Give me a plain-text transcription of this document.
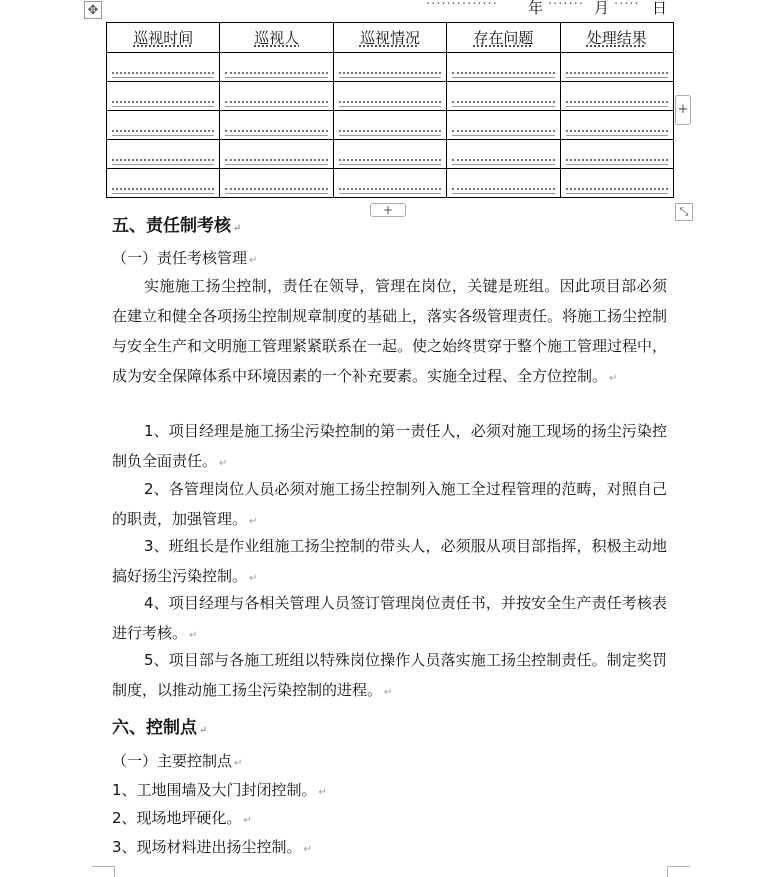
✥	·············· 年 ······· 月 ····· 日
巡视时间	巡视人	巡视情况	存在问题	处理结果

+
+	⤡
五、责任制考核 ↵
（一）责任考核管理 ↵
实施施工扬尘控制，责任在领导，管理在岗位，关键是班组。因此项目部必须在建立和健全各项扬尘控制规章制度的基础上，落实各级管理责任。将施工扬尘控制与安全生产和文明施工管理紧紧联系在一起。使之始终贯穿于整个施工管理过程中，成为安全保障体系中环境因素的一个补充要素。实施全过程、全方位控制。 ↵
1、项目经理是施工扬尘污染控制的第一责任人，必须对施工现场的扬尘污染控制负全面责任。 ↵
2、各管理岗位人员必须对施工扬尘控制列入施工全过程管理的范畴，对照自己的职责，加强管理。 ↵
3、班组长是作业组施工扬尘控制的带头人，必须服从项目部指挥，积极主动地搞好扬尘污染控制。 ↵
4、项目经理与各相关管理人员签订管理岗位责任书，并按安全生产责任考核表进行考核。 ↵
5、项目部与各施工班组以特殊岗位操作人员落实施工扬尘控制责任。制定奖罚制度，以推动施工扬尘污染控制的进程。 ↵
六、控制点 ↵
（一）主要控制点 ↵
1、工地围墙及大门封闭控制。 ↵
2、现场地坪硬化。 ↵
3、现场材料进出扬尘控制。 ↵
